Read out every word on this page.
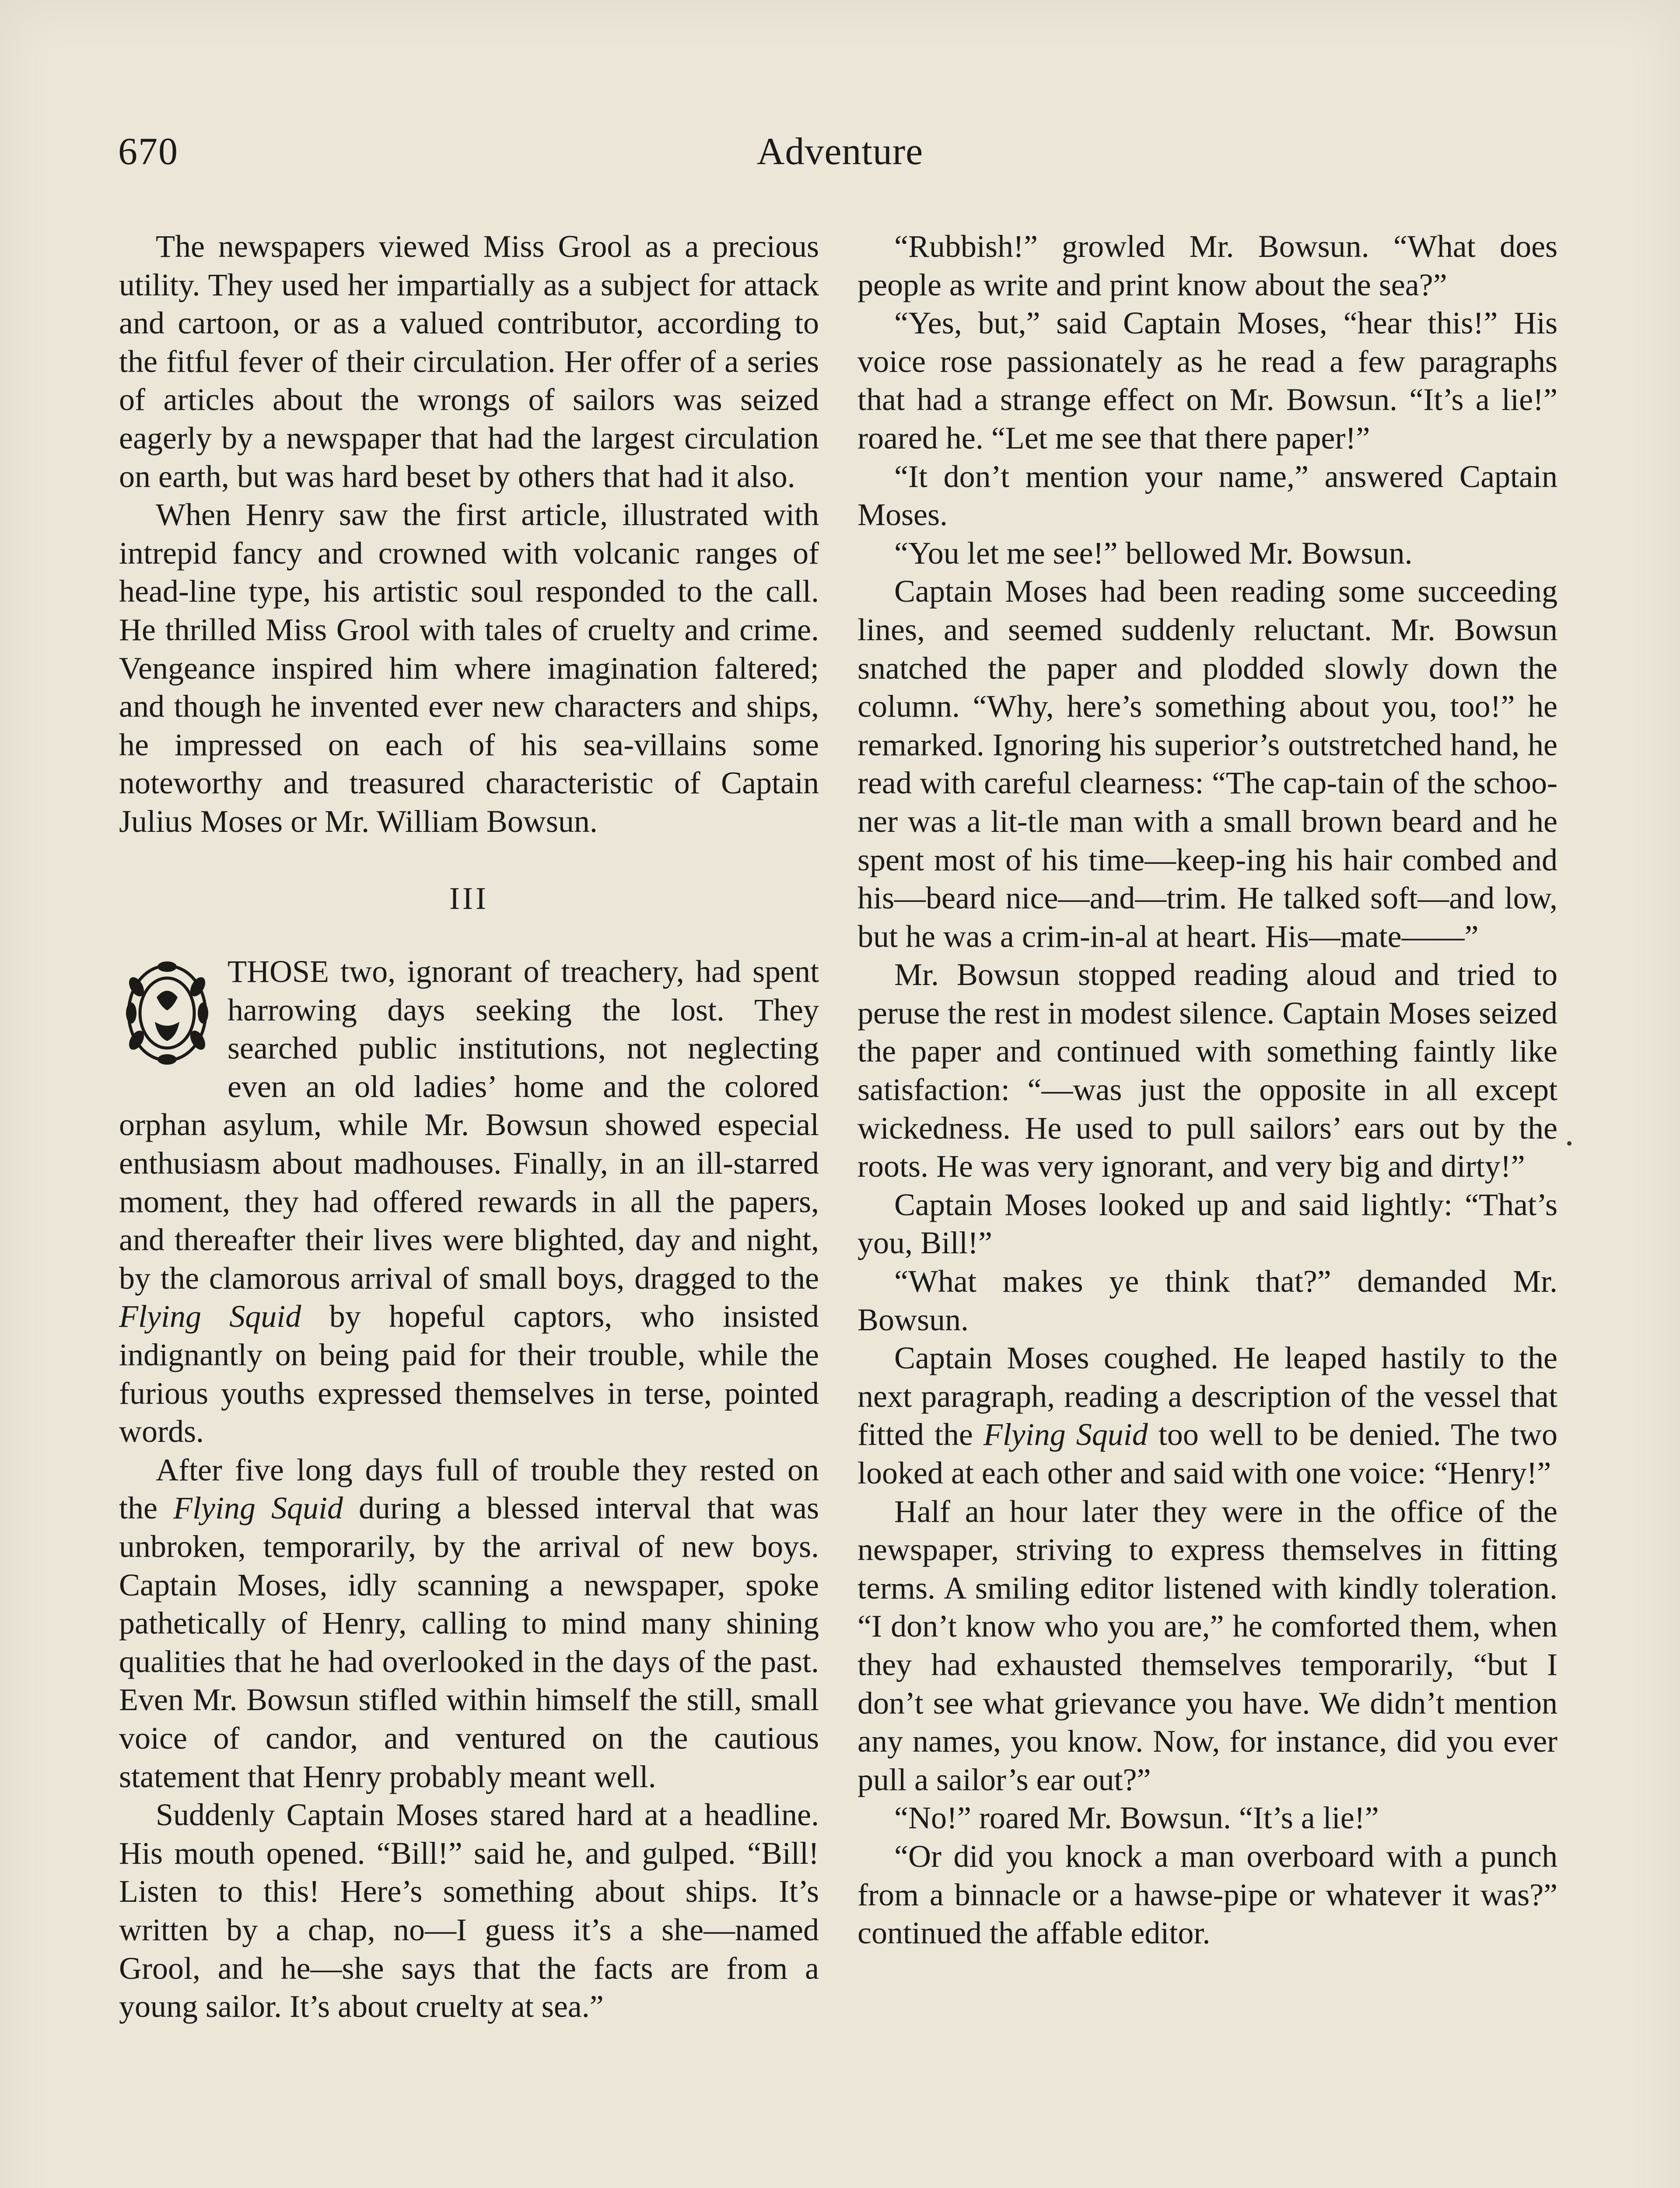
670	Adventure

The newspapers viewed Miss Grool as a precious utility. They used her impartially as a subject for attack and cartoon, or as a valued contributor, according to the fitful fever of their circulation. Her offer of a series of articles about the wrongs of sailors was seized eagerly by a newspaper that had the largest circulation on earth, but was hard beset by others that had it also.

When Henry saw the first article, illustrated with intrepid fancy and crowned with volcanic ranges of head-line type, his artistic soul responded to the call. He thrilled Miss Grool with tales of cruelty and crime. Vengeance inspired him where imagination faltered; and though he invented ever new characters and ships, he impressed on each of his sea-villains some noteworthy and treasured characteristic of Captain Julius Moses or Mr. William Bowsun.

III

THOSE two, ignorant of treachery, had spent harrowing days seeking the lost. They searched public institutions, not neglecting even an old ladies’ home and the colored orphan asylum, while Mr. Bowsun showed especial enthusiasm about madhouses. Finally, in an ill-starred moment, they had offered rewards in all the papers, and thereafter their lives were blighted, day and night, by the clamorous arrival of small boys, dragged to the Flying Squid by hopeful captors, who insisted indignantly on being paid for their trouble, while the furious youths expressed themselves in terse, pointed words.

After five long days full of trouble they rested on the Flying Squid during a blessed interval that was unbroken, temporarily, by the arrival of new boys. Captain Moses, idly scanning a newspaper, spoke pathetically of Henry, calling to mind many shining qualities that he had overlooked in the days of the past. Even Mr. Bowsun stifled within himself the still, small voice of candor, and ventured on the cautious statement that Henry probably meant well.

Suddenly Captain Moses stared hard at a headline. His mouth opened. “Bill!” said he, and gulped. “Bill! Listen to this! Here’s something about ships. It’s written by a chap, no—I guess it’s a she—named Grool, and he—she says that the facts are from a young sailor. It’s about cruelty at sea.”

“Rubbish!” growled Mr. Bowsun. “What does people as write and print know about the sea?”

“Yes, but,” said Captain Moses, “hear this!” His voice rose passionately as he read a few paragraphs that had a strange effect on Mr. Bowsun. “It’s a lie!” roared he. “Let me see that there paper!”

“It don’t mention your name,” answered Captain Moses.

“You let me see!” bellowed Mr. Bowsun.

Captain Moses had been reading some succeeding lines, and seemed suddenly reluctant. Mr. Bowsun snatched the paper and plodded slowly down the column. “Why, here’s something about you, too!” he remarked. Ignoring his superior’s outstretched hand, he read with careful clearness: “The cap-tain of the schoo-ner was a lit-tle man with a small brown beard and he spent most of his time—keep-ing his hair combed and his—beard nice—and—trim. He talked soft—and low, but he was a crim-in-al at heart. His—mate——”

Mr. Bowsun stopped reading aloud and tried to peruse the rest in modest silence. Captain Moses seized the paper and continued with something faintly like satisfaction: “—was just the opposite in all except wickedness. He used to pull sailors’ ears out by the roots. He was very ignorant, and very big and dirty!”

Captain Moses looked up and said lightly: “That’s you, Bill!”

“What makes ye think that?” demanded Mr. Bowsun.

Captain Moses coughed. He leaped hastily to the next paragraph, reading a description of the vessel that fitted the Flying Squid too well to be denied. The two looked at each other and said with one voice: “Henry!”

Half an hour later they were in the office of the newspaper, striving to express themselves in fitting terms. A smiling editor listened with kindly toleration. “I don’t know who you are,” he comforted them, when they had exhausted themselves temporarily, “but I don’t see what grievance you have. We didn’t mention any names, you know. Now, for instance, did you ever pull a sailor’s ear out?”

“No!” roared Mr. Bowsun. “It’s a lie!”

“Or did you knock a man overboard with a punch from a binnacle or a hawse-pipe or whatever it was?” continued the affable editor.
